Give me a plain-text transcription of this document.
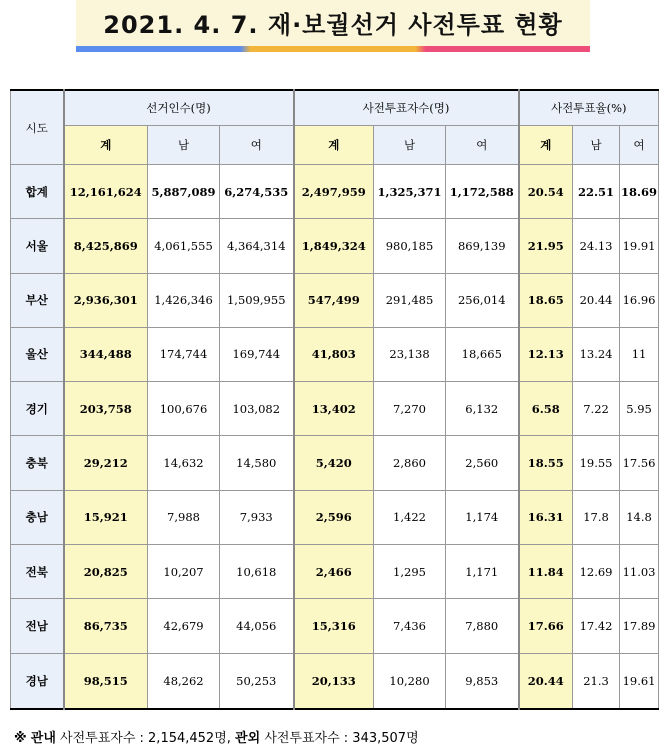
2021. 4. 7. 재·보궐선거 사전투표 현황
시도	선거인수(명)			사전투표자수(명)			사전투표율(%)		
	계	남	여	계	남	여	계	남	여
합계	12,161,624	5,887,089	6,274,535	2,497,959	1,325,371	1,172,588	20.54	22.51	18.69
서울	8,425,869	4,061,555	4,364,314	1,849,324	980,185	869,139	21.95	24.13	19.91
부산	2,936,301	1,426,346	1,509,955	547,499	291,485	256,014	18.65	20.44	16.96
울산	344,488	174,744	169,744	41,803	23,138	18,665	12.13	13.24	11
경기	203,758	100,676	103,082	13,402	7,270	6,132	6.58	7.22	5.95
충북	29,212	14,632	14,580	5,420	2,860	2,560	18.55	19.55	17.56
충남	15,921	7,988	7,933	2,596	1,422	1,174	16.31	17.8	14.8
전북	20,825	10,207	10,618	2,466	1,295	1,171	11.84	12.69	11.03
전남	86,735	42,679	44,056	15,316	7,436	7,880	17.66	17.42	17.89
경남	98,515	48,262	50,253	20,133	10,280	9,853	20.44	21.3	19.61
※ 관내 사전투표자수 : 2,154,452명, 관외 사전투표자수 : 343,507명
